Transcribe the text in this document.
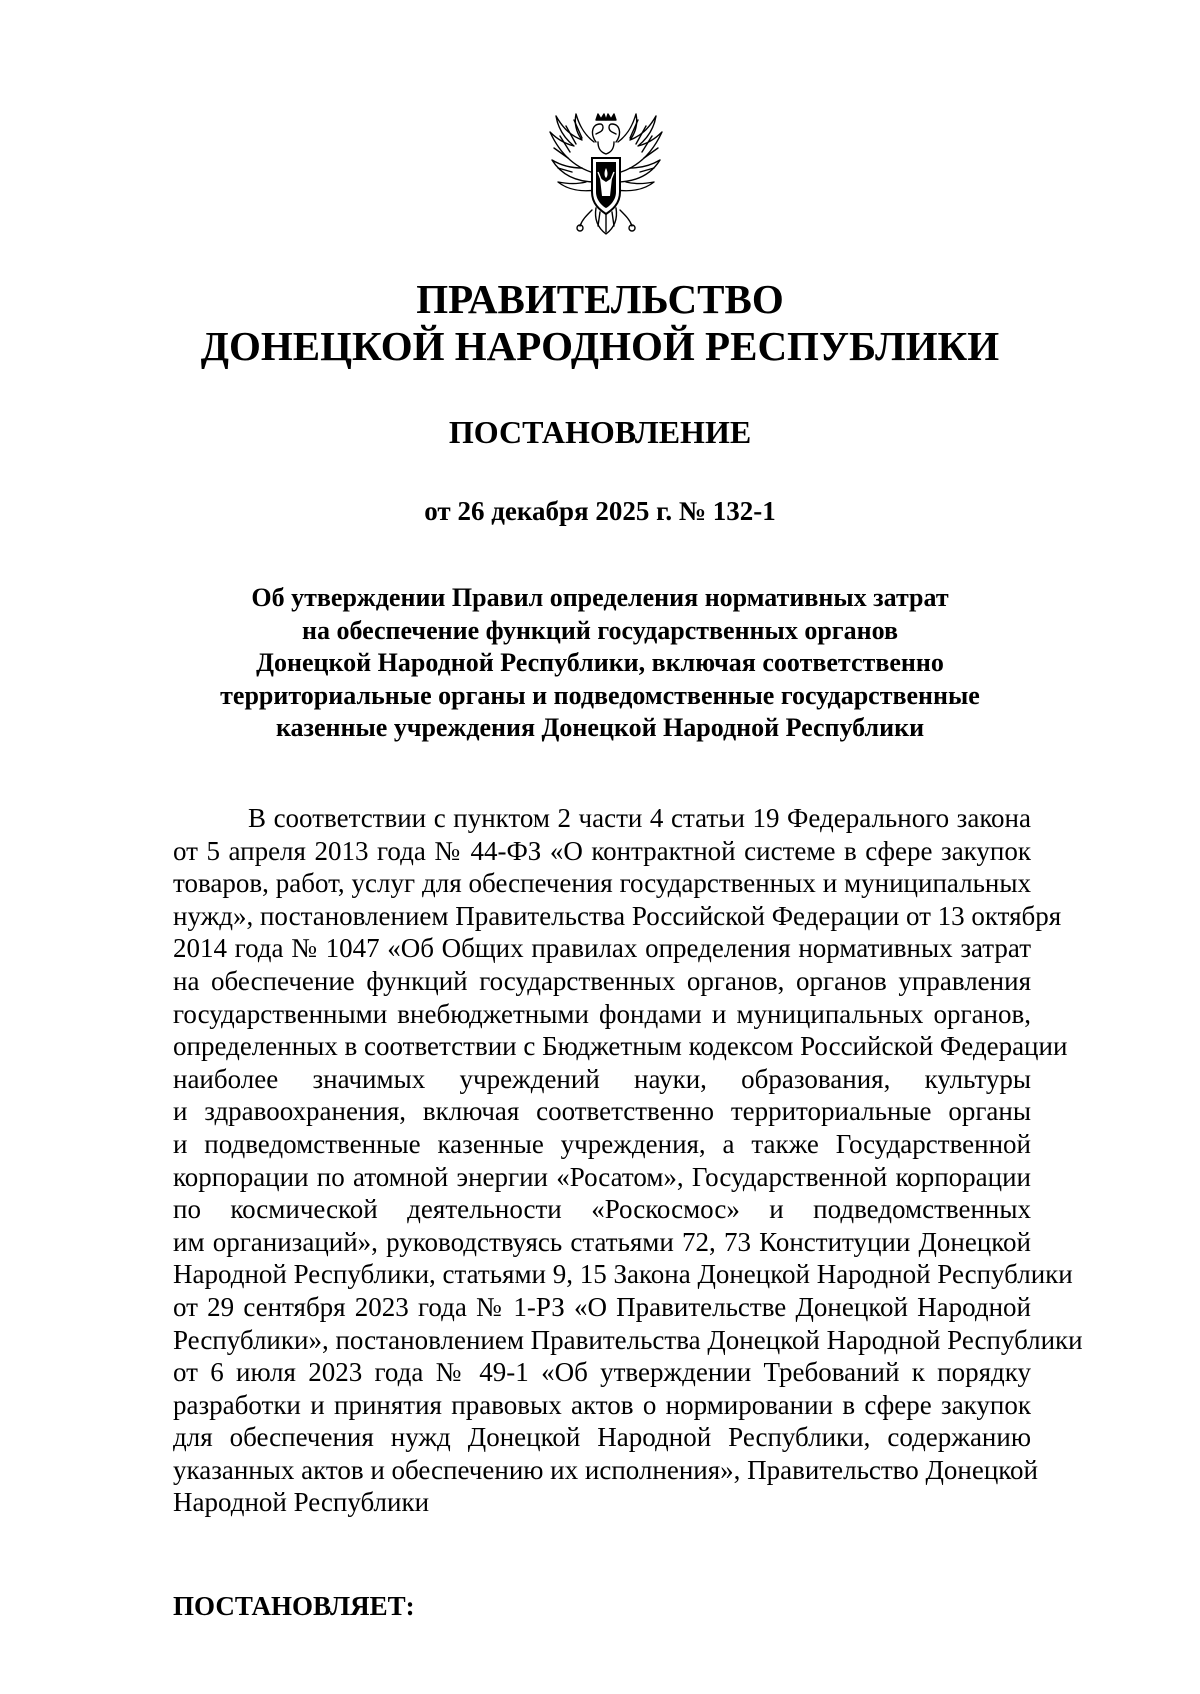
ПРАВИТЕЛЬСТВО
ДОНЕЦКОЙ НАРОДНОЙ РЕСПУБЛИКИ
ПОСТАНОВЛЕНИЕ
от 26 декабря 2025 г. № 132-1
Об утверждении Правил определения нормативных затрат
на обеспечение функций государственных органов
Донецкой Народной Республики, включая соответственно
территориальные органы и подведомственные государственные
казенные учреждения Донецкой Народной Республики
В соответствии с пунктом 2 части 4 статьи 19 Федерального закона
от 5 апреля 2013 года № 44-ФЗ «О контрактной системе в сфере закупок
товаров, работ, услуг для обеспечения государственных и муниципальных
нужд», постановлением Правительства Российской Федерации от 13 октября
2014 года № 1047 «Об Общих правилах определения нормативных затрат
на обеспечение функций государственных органов, органов управления
государственными внебюджетными фондами и муниципальных органов,
определенных в соответствии с Бюджетным кодексом Российской Федерации
наиболее значимых учреждений науки, образования, культуры
и здравоохранения, включая соответственно территориальные органы
и подведомственные казенные учреждения, а также Государственной
корпорации по атомной энергии «Росатом», Государственной корпорации
по космической деятельности «Роскосмос» и подведомственных
им организаций», руководствуясь статьями 72, 73 Конституции Донецкой
Народной Республики, статьями 9, 15 Закона Донецкой Народной Республики
от 29 сентября 2023 года № 1-РЗ «О Правительстве Донецкой Народной
Республики», постановлением Правительства Донецкой Народной Республики
от 6 июля 2023 года № 49-1 «Об утверждении Требований к порядку
разработки и принятия правовых актов о нормировании в сфере закупок
для обеспечения нужд Донецкой Народной Республики, содержанию
указанных актов и обеспечению их исполнения», Правительство Донецкой
Народной Республики
ПОСТАНОВЛЯЕТ:
